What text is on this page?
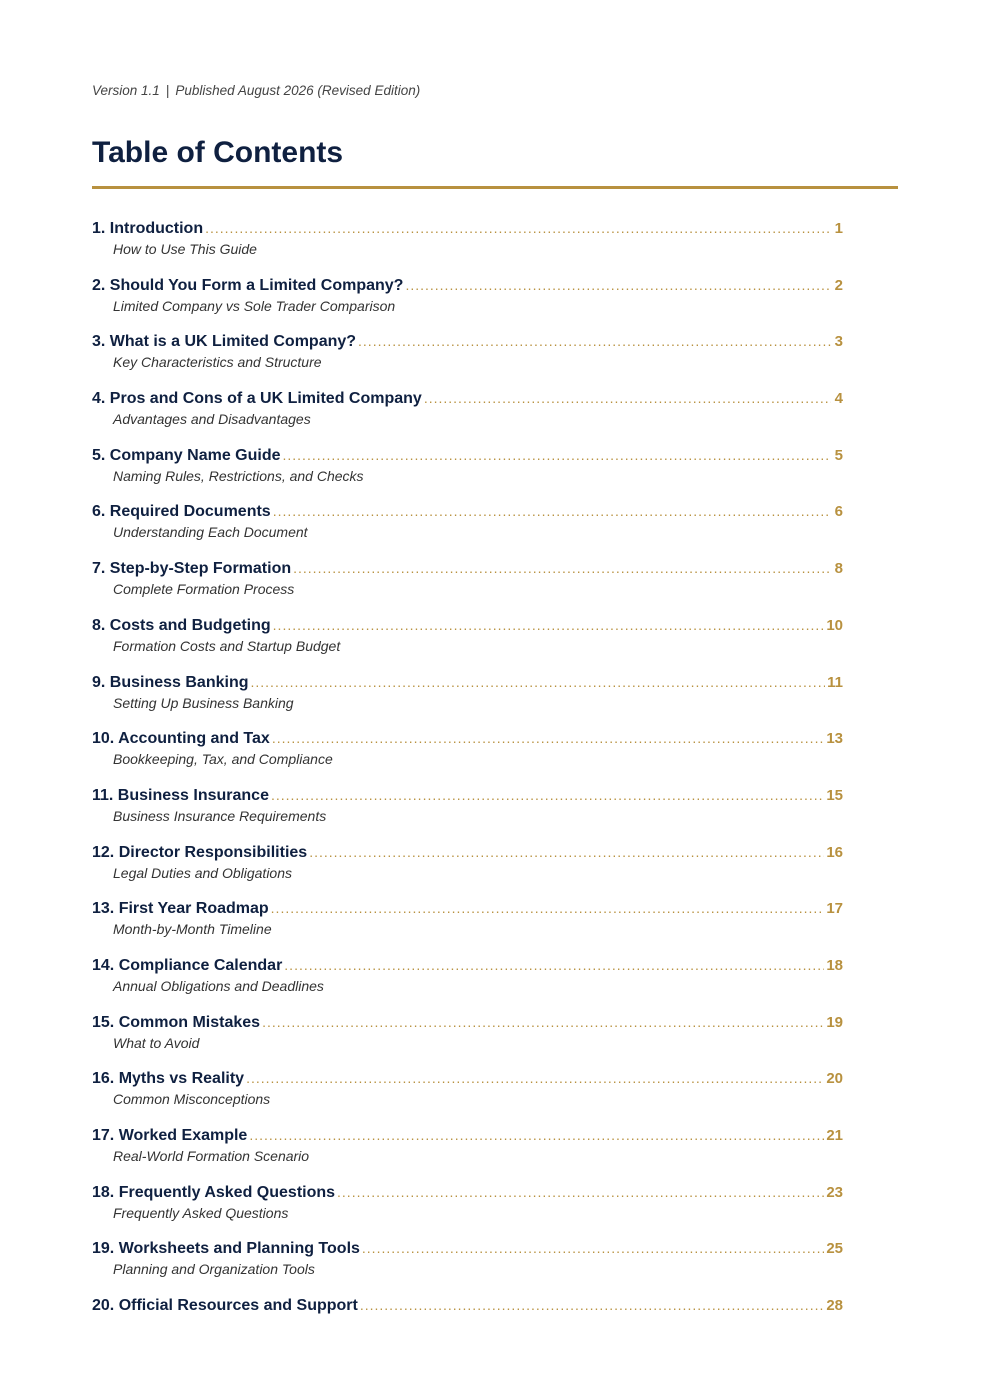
Version 1.1 | Published August 2026 (Revised Edition)
Table of Contents
1. Introduction .....	1
How to Use This Guide
2. Should You Form a Limited Company? .....	2
Limited Company vs Sole Trader Comparison
3. What is a UK Limited Company? .....	3
Key Characteristics and Structure
4. Pros and Cons of a UK Limited Company .....	4
Advantages and Disadvantages
5. Company Name Guide .....	5
Naming Rules, Restrictions, and Checks
6. Required Documents .....	6
Understanding Each Document
7. Step-by-Step Formation .....	8
Complete Formation Process
8. Costs and Budgeting .....	10
Formation Costs and Startup Budget
9. Business Banking .....	11
Setting Up Business Banking
10. Accounting and Tax .....	13
Bookkeeping, Tax, and Compliance
11. Business Insurance .....	15
Business Insurance Requirements
12. Director Responsibilities .....	16
Legal Duties and Obligations
13. First Year Roadmap .....	17
Month-by-Month Timeline
14. Compliance Calendar .....	18
Annual Obligations and Deadlines
15. Common Mistakes .....	19
What to Avoid
16. Myths vs Reality .....	20
Common Misconceptions
17. Worked Example .....	21
Real-World Formation Scenario
18. Frequently Asked Questions .....	23
Frequently Asked Questions
19. Worksheets and Planning Tools .....	25
Planning and Organization Tools
20. Official Resources and Support .....	28
